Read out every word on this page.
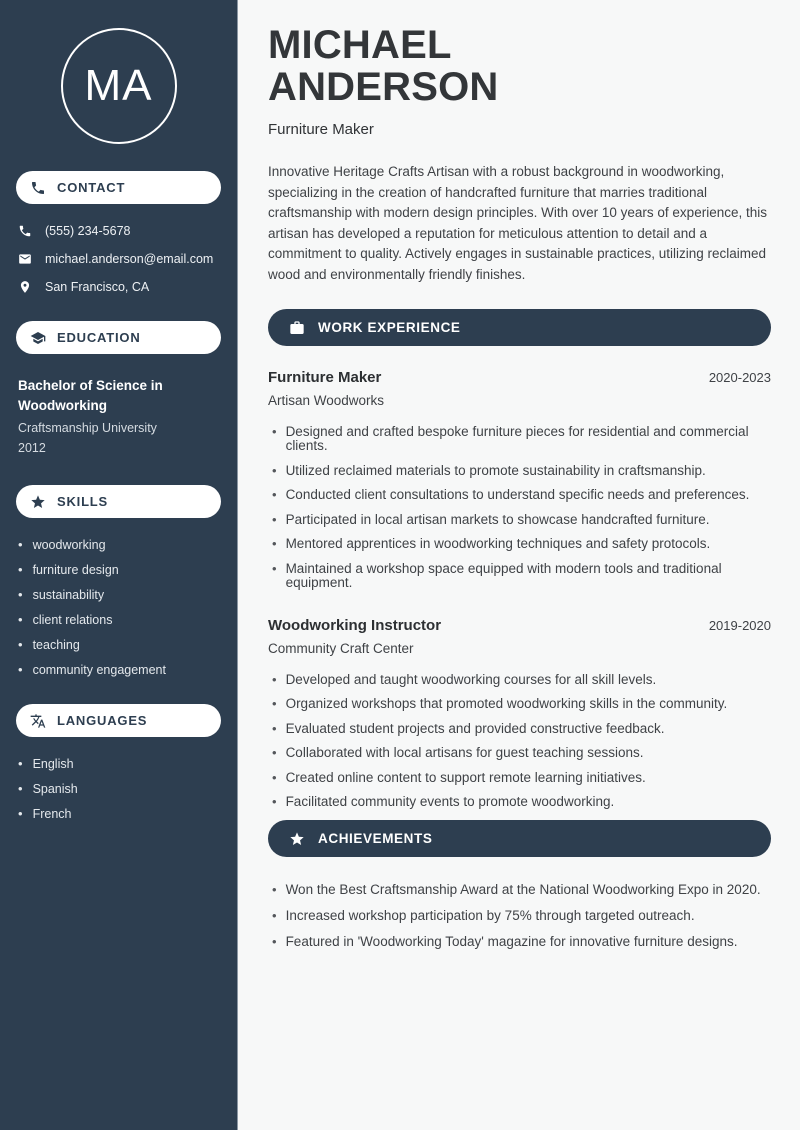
MA
CONTACT
(555) 234-5678
michael.anderson@email.com
San Francisco, CA
EDUCATION
Bachelor of Science in Woodworking
Craftsmanship University
2012
SKILLS
• woodworking
• furniture design
• sustainability
• client relations
• teaching
• community engagement
LANGUAGES
• English
• Spanish
• French
MICHAEL
ANDERSON
Furniture Maker

Innovative Heritage Crafts Artisan with a robust background in woodworking, specializing in the creation of handcrafted furniture that marries traditional craftsmanship with modern design principles. With over 10 years of experience, this artisan has developed a reputation for meticulous attention to detail and a commitment to quality. Actively engages in sustainable practices, utilizing reclaimed wood and environmentally friendly finishes.

WORK EXPERIENCE
Furniture Maker	2020-2023
Artisan Woodworks
• Designed and crafted bespoke furniture pieces for residential and commercial clients.
• Utilized reclaimed materials to promote sustainability in craftsmanship.
• Conducted client consultations to understand specific needs and preferences.
• Participated in local artisan markets to showcase handcrafted furniture.
• Mentored apprentices in woodworking techniques and safety protocols.
• Maintained a workshop space equipped with modern tools and traditional equipment.
Woodworking Instructor	2019-2020
Community Craft Center
• Developed and taught woodworking courses for all skill levels.
• Organized workshops that promoted woodworking skills in the community.
• Evaluated student projects and provided constructive feedback.
• Collaborated with local artisans for guest teaching sessions.
• Created online content to support remote learning initiatives.
• Facilitated community events to promote woodworking.
ACHIEVEMENTS
• Won the Best Craftsmanship Award at the National Woodworking Expo in 2020.
• Increased workshop participation by 75% through targeted outreach.
• Featured in 'Woodworking Today' magazine for innovative furniture designs.
